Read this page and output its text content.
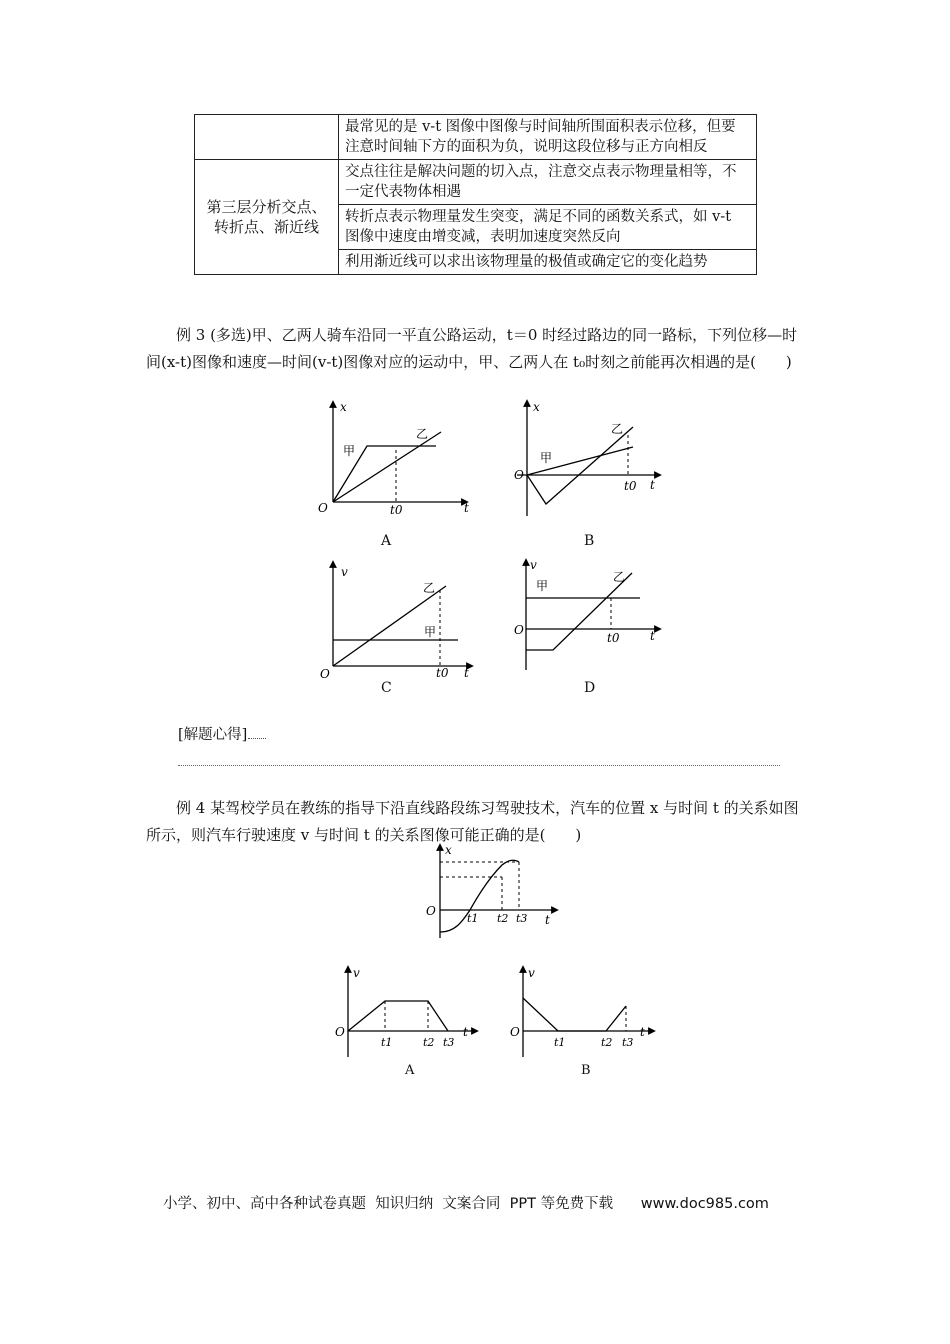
	最常见的是 v-t 图像中图像与时间轴所围面积表示位移，但要注意时间轴下方的面积为负，说明这段位移与正方向相反
第三层分析交点、转折点、渐近线	交点往往是解决问题的切入点，注意交点表示物理量相等，不一定代表物体相遇
	转折点表示物理量发生突变，满足不同的函数关系式，如 v-t 图像中速度由增变减，表明加速度突然反向
	利用渐近线可以求出该物理量的极值或确定它的变化趋势

例 3 (多选)甲、乙两人骑车沿同一平直公路运动，t＝0 时经过路边的同一路标，下列位移—时间(x-t)图像和速度—时间(v-t)图像对应的运动中，甲、乙两人在 t₀时刻之前能再次相遇的是(　　)

x
O	t
t0
甲
乙
A
x
O
t
t0
甲
乙
B
v
O	t
t0
甲
乙
C
v
O	t
t0
甲
乙
D
[解题心得]

例 4 某驾校学员在教练的指导下沿直线路段练习驾驶技术，汽车的位置 x 与时间 t 的关系如图所示，则汽车行驶速度 v 与时间 t 的关系图像可能正确的是(　　)

x
O
t
t1 t2 t3
v
O	t
t1	t2 t3
A
v
O	t
t1	t2 t3
B
小学、初中、高中各种试卷真题  知识归纳  文案合同  PPT 等免费下载      www.doc985.com
